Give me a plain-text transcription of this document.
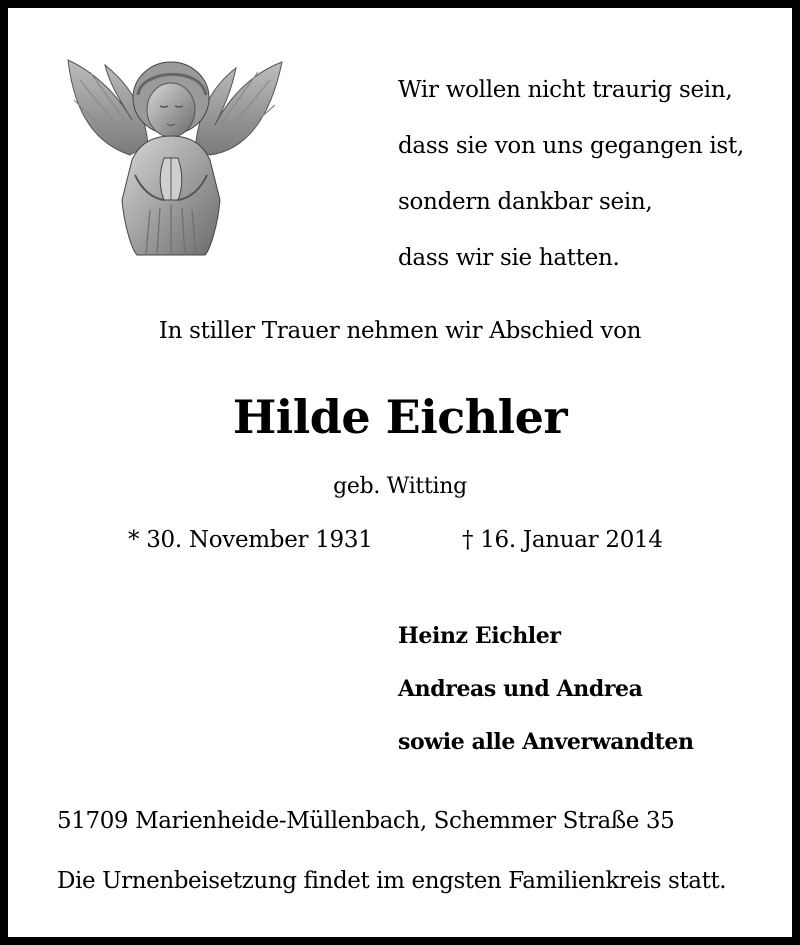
Wir wollen nicht traurig sein,
dass sie von uns gegangen ist,
sondern dankbar sein,
dass wir sie hatten.
In stiller Trauer nehmen wir Abschied von
Hilde Eichler
geb. Witting
* 30. November 1931	† 16. Januar 2014
Heinz Eichler
Andreas und Andrea
sowie alle Anverwandten
51709 Marienheide-Müllenbach, Schemmer Straße 35
Die Urnenbeisetzung findet im engsten Familienkreis statt.
